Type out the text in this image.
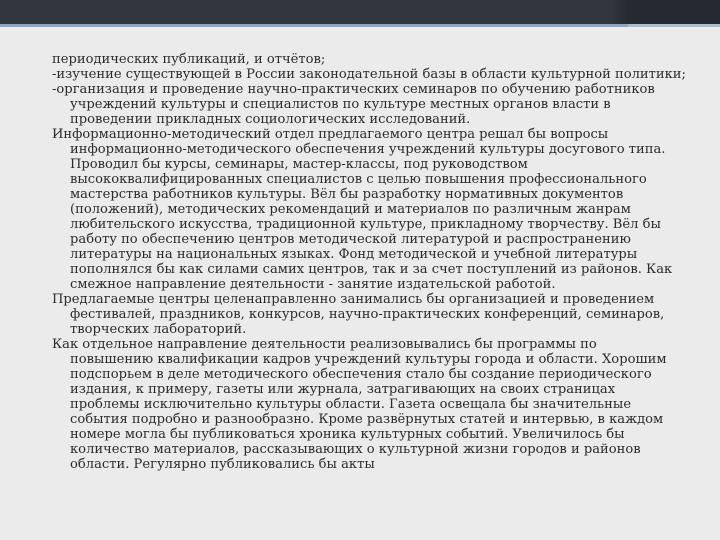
периодических публикаций, и отчётов;
-изучение существующей в России законодательной базы в области культурной политики;
-организация и проведение научно-практических семинаров по обучению работников
учреждений культуры и специалистов по культуре местных органов власти в
проведении прикладных социологических исследований.
Информационно-методический отдел предлагаемого центра решал бы вопросы
информационно-методического обеспечения учреждений культуры досугового типа.
Проводил бы курсы, семинары, мастер-классы, под руководством
высококвалифицированных специалистов с целью повышения профессионального
мастерства работников культуры. Вёл бы разработку нормативных документов
(положений), методических рекомендаций и материалов по различным жанрам
любительского искусства, традиционной культуре, прикладному творчеству. Вёл бы
работу по обеспечению центров методической литературой и распространению
литературы на национальных языках. Фонд методической и учебной литературы
пополнялся бы как силами самих центров, так и за счет поступлений из районов. Как
смежное направление деятельности - занятие издательской работой.
Предлагаемые центры целенаправленно занимались бы организацией и проведением
фестивалей, праздников, конкурсов, научно-практических конференций, семинаров,
творческих лабораторий.
Как отдельное направление деятельности реализовывались бы программы по
повышению квалификации кадров учреждений культуры города и области. Хорошим
подспорьем в деле методического обеспечения стало бы создание периодического
издания, к примеру, газеты или журнала, затрагивающих на своих страницах
проблемы исключительно культуры области. Газета освещала бы значительные
события подробно и разнообразно. Кроме развёрнутых статей и интервью, в каждом
номере могла бы публиковаться хроника культурных событий. Увеличилось бы
количество материалов, рассказывающих о культурной жизни городов и районов
области. Регулярно публиковались бы акты
